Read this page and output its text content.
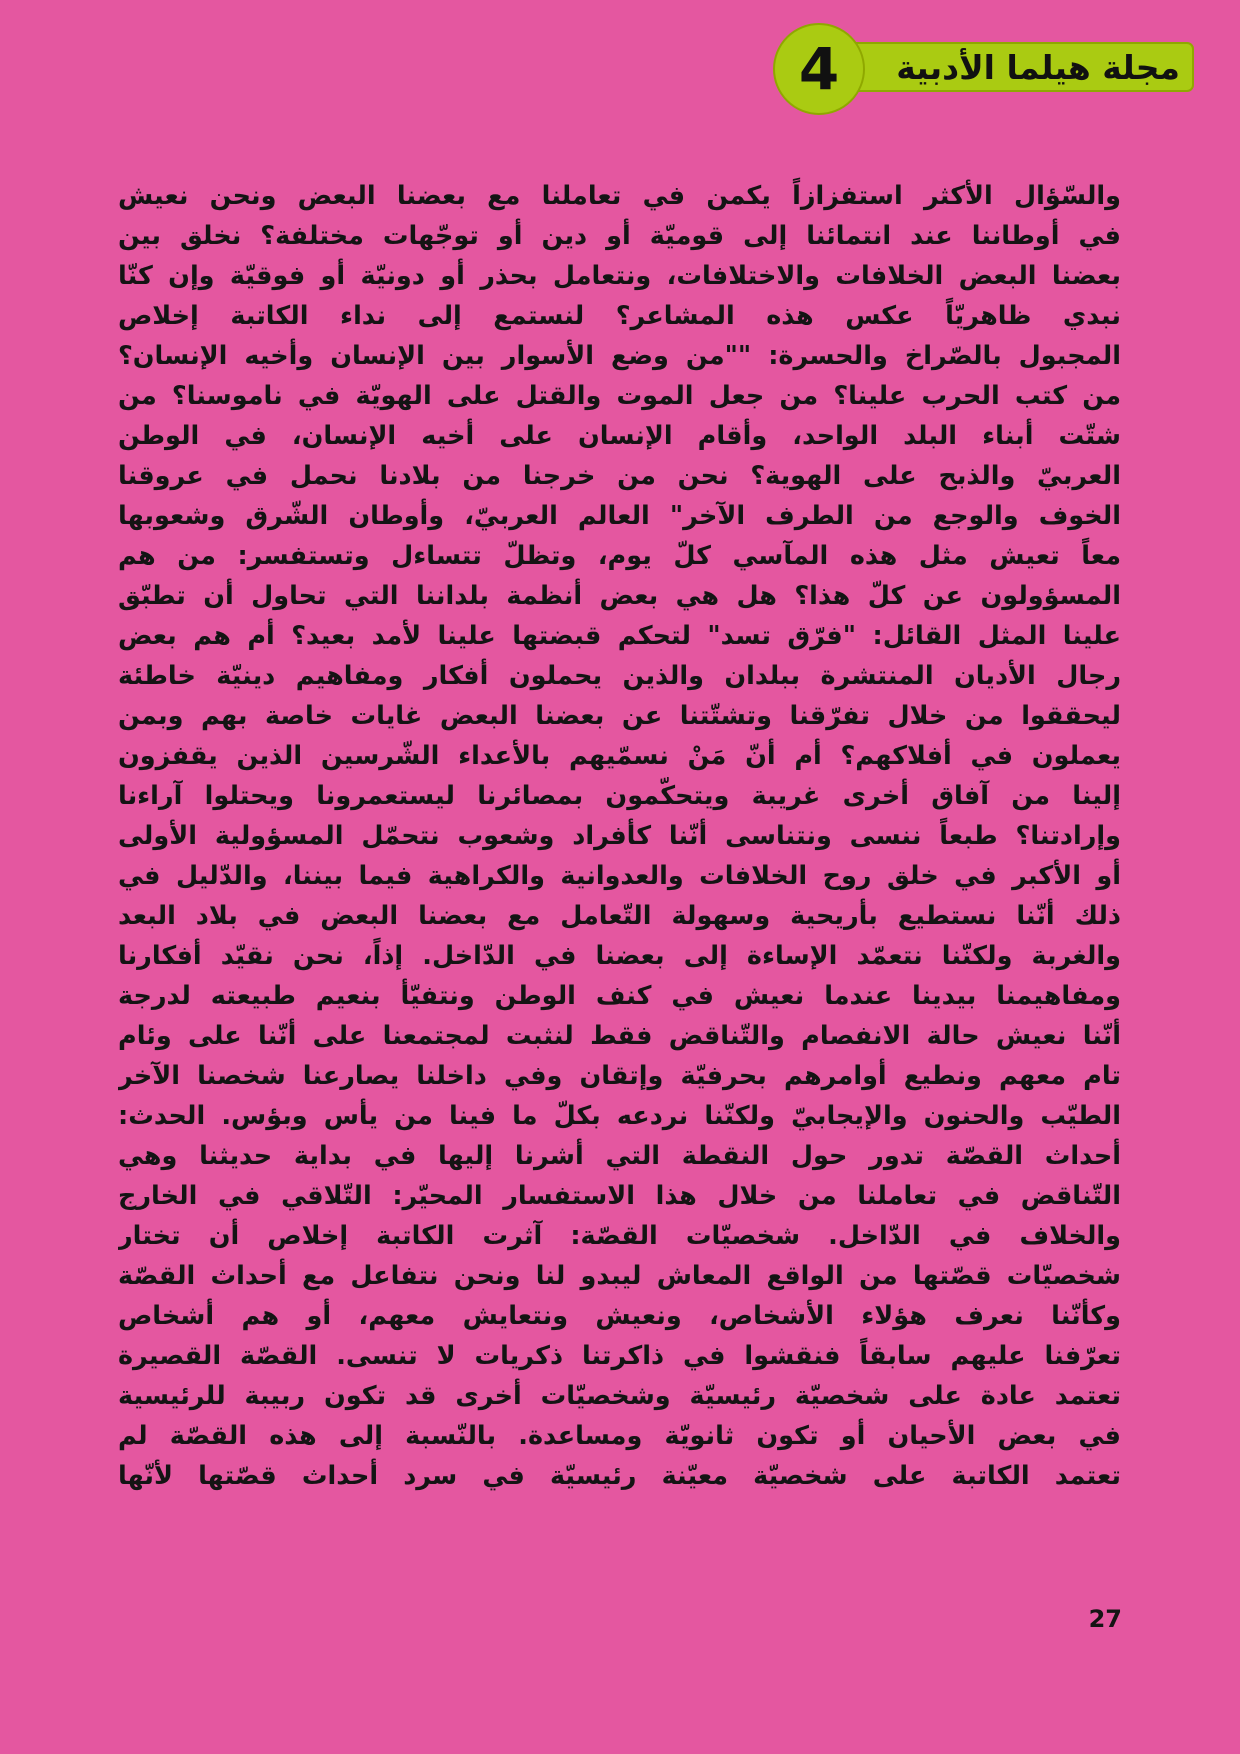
مجلة هيلما الأدبية
4
والسّؤال الأكثر استفزازاً يكمن في تعاملنا مع بعضنا البعض ونحن نعيش
في أوطاننا عند انتمائنا إلى قوميّة أو دين أو توجّهات مختلفة؟ نخلق بين
بعضنا البعض الخلافات والاختلافات، ونتعامل بحذر أو دونيّة أو فوقيّة وإن كنّا
نبدي ظاهريّاً عكس هذه المشاعر؟ لنستمع إلى نداء الكاتبة إخلاص
المجبول بالصّراخ والحسرة: ""من وضع الأسوار بين الإنسان وأخيه الإنسان؟
من كتب الحرب علينا؟ من جعل الموت والقتل على الهويّة في ناموسنا؟ من
شتّت أبناء البلد الواحد، وأقام الإنسان على أخيه الإنسان، في الوطن
العربيّ والذبح على الهوية؟ نحن من خرجنا من بلادنا نحمل في عروقنا
الخوف والوجع من الطرف الآخر" العالم العربيّ، وأوطان الشّرق وشعوبها
معاً تعيش مثل هذه المآسي كلّ يوم، وتظلّ تتساءل وتستفسر: من هم
المسؤولون عن كلّ هذا؟ هل هي بعض أنظمة بلداننا التي تحاول أن تطبّق
علينا المثل القائل: "فرّق تسد" لتحكم قبضتها علينا لأمد بعيد؟ أم هم بعض
رجال الأديان المنتشرة ببلدان والذين يحملون أفكار ومفاهيم دينيّة خاطئة
ليحققوا من خلال تفرّقنا وتشتّتنا عن بعضنا البعض غايات خاصة بهم وبمن
يعملون في أفلاكهم؟ أم أنّ مَنْ نسمّيهم بالأعداء الشّرسين الذين يقفزون
إلينا من آفاق أخرى غريبة ويتحكّمون بمصائرنا ليستعمرونا ويحتلوا آراءنا
وإرادتنا؟ طبعاً ننسى ونتناسى أنّنا كأفراد وشعوب نتحمّل المسؤولية الأولى
أو الأكبر في خلق روح الخلافات والعدوانية والكراهية فيما بيننا، والدّليل في
ذلك أنّنا نستطيع بأريحية وسهولة التّعامل مع بعضنا البعض في بلاد البعد
والغربة ولكنّنا نتعمّد الإساءة إلى بعضنا في الدّاخل. إذاً، نحن نقيّد أفكارنا
ومفاهيمنا بيدينا عندما نعيش في كنف الوطن ونتفيّأ بنعيم طبيعته لدرجة
أنّنا نعيش حالة الانفصام والتّناقض فقط لنثبت لمجتمعنا على أنّنا على وئام
تام معهم ونطيع أوامرهم بحرفيّة وإتقان وفي داخلنا يصارعنا شخصنا الآخر
الطيّب والحنون والإيجابيّ ولكنّنا نردعه بكلّ ما فينا من يأس وبؤس. الحدث:
أحداث القصّة تدور حول النقطة التي أشرنا إليها في بداية حديثنا وهي
التّناقض في تعاملنا من خلال هذا الاستفسار المحيّر: التّلاقي في الخارج
والخلاف في الدّاخل. شخصيّات القصّة: آثرت الكاتبة إخلاص أن تختار
شخصيّات قصّتها من الواقع المعاش ليبدو لنا ونحن نتفاعل مع أحداث القصّة
وكأنّنا نعرف هؤلاء الأشخاص، ونعيش ونتعايش معهم، أو هم أشخاص
تعرّفنا عليهم سابقاً فنقشوا في ذاكرتنا ذكريات لا تنسى. القصّة القصيرة
تعتمد عادة على شخصيّة رئيسيّة وشخصيّات أخرى قد تكون ربيبة للرئيسية
في بعض الأحيان أو تكون ثانويّة ومساعدة. بالنّسبة إلى هذه القصّة لم
تعتمد الكاتبة على شخصيّة معيّنة رئيسيّة في سرد أحداث قصّتها لأنّها
27
